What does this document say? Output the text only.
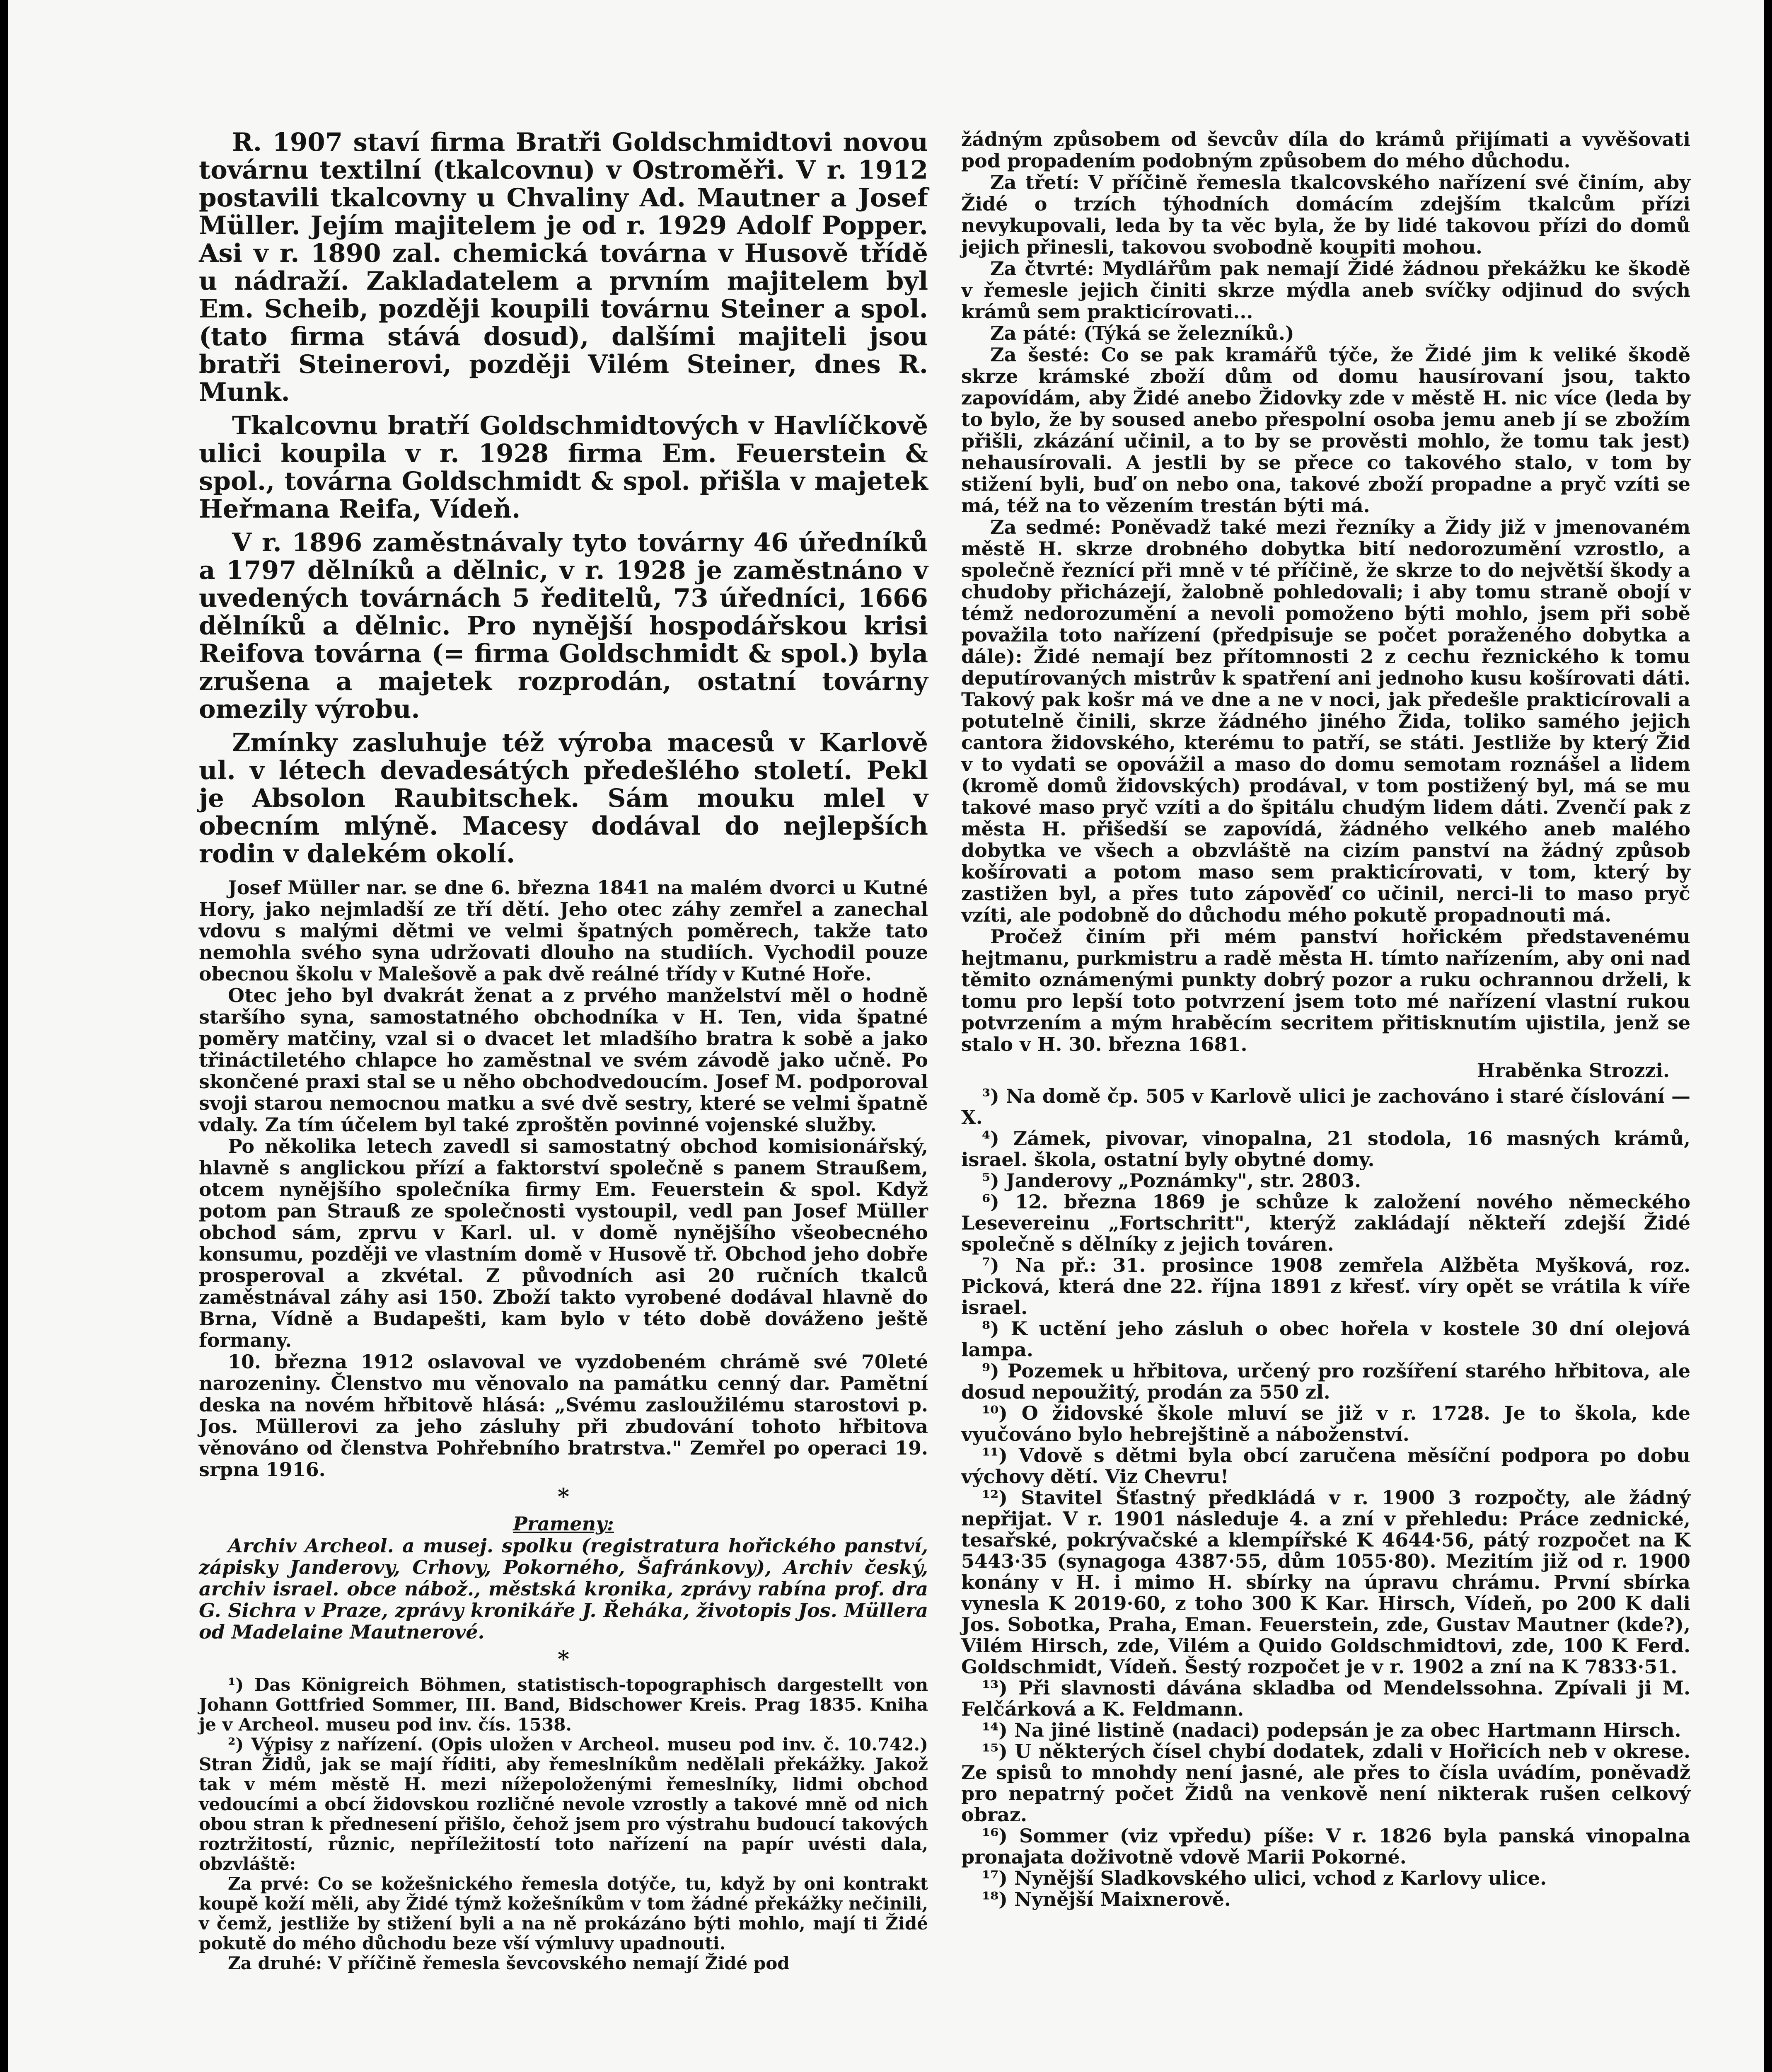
R. 1907 staví firma Bratři Goldschmidtovi novou továrnu textilní (tkalcovnu) v Ostroměři. V r. 1912 postavili tkalcovny u Chvaliny Ad. Mautner a Josef Müller. Jejím majitelem je od r. 1929 Adolf Popper. Asi v r. 1890 zal. chemická továrna v Husově třídě u nádraží. Zakladatelem a prvním majitelem byl Em. Scheib, později koupili továrnu Steiner a spol. (tato firma stává dosud), dalšími majiteli jsou bratři Steinerovi, později Vilém Steiner, dnes R. Munk.

Tkalcovnu bratří Goldschmidtových v Havlíčkově ulici koupila v r. 1928 firma Em. Feuerstein & spol., továrna Goldschmidt & spol. přišla v majetek Heřmana Reifa, Vídeň.

V r. 1896 zaměstnávaly tyto továrny 46 úředníků a 1797 dělníků a dělnic, v r. 1928 je zaměstnáno v uvedených továrnách 5 ředitelů, 73 úředníci, 1666 dělníků a dělnic. Pro nynější hospodářskou krisi Reifova továrna (= firma Goldschmidt & spol.) byla zrušena a majetek rozprodán, ostatní továrny omezily výrobu.

Zmínky zasluhuje též výroba macesů v Karlově ul. v létech devadesátých předešlého století. Pekl je Absolon Raubitschek. Sám mouku mlel v obecním mlýně. Macesy dodával do nejlepších rodin v dalekém okolí.

Josef Müller nar. se dne 6. března 1841 na malém dvorci u Kutné Hory, jako nejmladší ze tří dětí. Jeho otec záhy zemřel a zanechal vdovu s malými dětmi ve velmi špatných poměrech, takže tato nemohla svého syna udržovati dlouho na studiích. Vychodil pouze obecnou školu v Malešově a pak dvě reálné třídy v Kutné Hoře.

Otec jeho byl dvakrát ženat a z prvého manželství měl o hodně staršího syna, samostatného obchodníka v H. Ten, vida špatné poměry matčiny, vzal si o dvacet let mladšího bratra k sobě a jako třináctiletého chlapce ho zaměstnal ve svém závodě jako učně. Po skončené praxi stal se u něho obchodvedoucím. Josef M. podporoval svoji starou nemocnou matku a své dvě sestry, které se velmi špatně vdaly. Za tím účelem byl také zproštěn povinné vojenské služby.

Po několika letech zavedl si samostatný obchod komisionářský, hlavně s anglickou přízí a faktorství společně s panem Straußem, otcem nynějšího společníka firmy Em. Feuerstein & spol. Když potom pan Strauß ze společnosti vystoupil, vedl pan Josef Müller obchod sám, zprvu v Karl. ul. v domě nynějšího všeobecného konsumu, později ve vlastním domě v Husově tř. Obchod jeho dobře prosperoval a zkvétal. Z původních asi 20 ručních tkalců zaměstnával záhy asi 150. Zboží takto vyrobené dodával hlavně do Brna, Vídně a Budapešti, kam bylo v této době dováženo ještě formany.

10. března 1912 oslavoval ve vyzdobeném chrámě své 70leté narozeniny. Členstvo mu věnovalo na památku cenný dar. Pamětní deska na novém hřbitově hlásá: „Svému zasloužilému starostovi p. Jos. Müllerovi za jeho zásluhy při zbudování tohoto hřbitova věnováno od členstva Pohřebního bratrstva." Zemřel po operaci 19. srpna 1916.

*

Prameny:

Archiv Archeol. a musej. spolku (registratura hořického panství, zápisky Janderovy, Crhovy, Pokorného, Šafránkovy), Archiv český, archiv israel. obce nábož., městská kronika, zprávy rabína prof. dra G. Sichra v Praze, zprávy kronikáře J. Řeháka, životopis Jos. Müllera od Madelaine Mautnerové.

*

¹) Das Königreich Böhmen, statistisch-topographisch dargestellt von Johann Gottfried Sommer, III. Band, Bidschower Kreis. Prag 1835. Kniha je v Archeol. museu pod inv. čís. 1538.

²) Výpisy z nařízení. (Opis uložen v Archeol. museu pod inv. č. 10.742.) Stran Židů, jak se mají říditi, aby řemeslníkům nedělali překážky. Jakož tak v mém městě H. mezi nížepoloženými řemeslníky, lidmi obchod vedoucími a obcí židovskou rozličné nevole vzrostly a takové mně od nich obou stran k přednesení přišlo, čehož jsem pro výstrahu budoucí takových roztržitostí, různic, nepříležitostí toto nařízení na papír uvésti dala, obzvláště:

Za prvé: Co se kožešnického řemesla dotýče, tu, když by oni kontrakt koupě koží měli, aby Židé týmž kožešníkům v tom žádné překážky nečinili, v čemž, jestliže by stižení byli a na ně prokázáno býti mohlo, mají ti Židé pokutě do mého důchodu beze vší výmluvy upadnouti.

Za druhé: V příčině řemesla ševcovského nemají Židé pod

žádným způsobem od ševcův díla do krámů přijímati a vyvěšovati pod propadením podobným způsobem do mého důchodu.

Za třetí: V příčině řemesla tkalcovského nařízení své činím, aby Židé o trzích týhodních domácím zdejším tkalcům přízi nevykupovali, leda by ta věc byla, že by lidé takovou přízi do domů jejich přinesli, takovou svobodně koupiti mohou.

Za čtvrté: Mydlářům pak nemají Židé žádnou překážku ke škodě v řemesle jejich činiti skrze mýdla aneb svíčky odjinud do svých krámů sem prakticírovati...

Za páté: (Týká se železníků.)

Za šesté: Co se pak kramářů týče, že Židé jim k veliké škodě skrze krámské zboží dům od domu hausírovaní jsou, takto zapovídám, aby Židé anebo Židovky zde v městě H. nic více (leda by to bylo, že by soused anebo přespolní osoba jemu aneb jí se zbožím přišli, zkázání učinil, a to by se prověsti mohlo, že tomu tak jest) nehausírovali. A jestli by se přece co takového stalo, v tom by stižení byli, buď on nebo ona, takové zboží propadne a pryč vzíti se má, též na to vězením trestán býti má.

Za sedmé: Poněvadž také mezi řezníky a Židy již v jmenovaném městě H. skrze drobného dobytka bití nedorozumění vzrostlo, a společně řeznící při mně v té příčině, že skrze to do největší škody a chudoby přicházejí, žalobně pohledovali; i aby tomu straně obojí v témž nedorozumění a nevoli pomoženo býti mohlo, jsem při sobě považila toto nařízení (předpisuje se počet poraženého dobytka a dále): Židé nemají bez přítomnosti 2 z cechu řeznického k tomu deputírovaných mistrův k spatření ani jednoho kusu košírovati dáti. Takový pak košr má ve dne a ne v noci, jak předešle prakticírovali a potutelně činili, skrze žádného jiného Žida, toliko samého jejich cantora židovského, kterému to patří, se státi. Jestliže by který Žid v to vydati se opovážil a maso do domu semotam roznášel a lidem (kromě domů židovských) prodával, v tom postižený byl, má se mu takové maso pryč vzíti a do špitálu chudým lidem dáti. Zvenčí pak z města H. přišedší se zapovídá, žádného velkého aneb malého dobytka ve všech a obzvláště na cizím panství na žádný způsob košírovati a potom maso sem prakticírovati, v tom, který by zastižen byl, a přes tuto zápověď co učinil, nerci-li to maso pryč vzíti, ale podobně do důchodu mého pokutě propadnouti má.

Pročež činím při mém panství hořickém představenému hejtmanu, purkmistru a radě města H. tímto nařízením, aby oni nad těmito oznámenými punkty dobrý pozor a ruku ochrannou drželi, k tomu pro lepší toto potvrzení jsem toto mé nařízení vlastní rukou potvrzením a mým hraběcím secritem přitisknutím ujistila, jenž se stalo v H. 30. března 1681.

Hraběnka Strozzi.

³) Na domě čp. 505 v Karlově ulici je zachováno i staré číslování — X.

⁴) Zámek, pivovar, vinopalna, 21 stodola, 16 masných krámů, israel. škola, ostatní byly obytné domy.

⁵) Janderovy „Poznámky", str. 2803.

⁶) 12. března 1869 je schůze k založení nového německého Lesevereinu „Fortschritt", kterýž zakládají někteří zdejší Židé společně s dělníky z jejich továren.

⁷) Na př.: 31. prosince 1908 zemřela Alžběta Myšková, roz. Picková, která dne 22. října 1891 z křesť. víry opět se vrátila k víře israel.

⁸) K uctění jeho zásluh o obec hořela v kostele 30 dní olejová lampa.

⁹) Pozemek u hřbitova, určený pro rozšíření starého hřbitova, ale dosud nepoužitý, prodán za 550 zl.

¹⁰) O židovské škole mluví se již v r. 1728. Je to škola, kde vyučováno bylo hebrejštině a náboženství.

¹¹) Vdově s dětmi byla obcí zaručena měsíční podpora po dobu výchovy dětí. Viz Chevru!

¹²) Stavitel Šťastný předkládá v r. 1900 3 rozpočty, ale žádný nepřijat. V r. 1901 následuje 4. a zní v přehledu: Práce zednické, tesařské, pokrývačské a klempířské K 4644·56, pátý rozpočet na K 5443·35 (synagoga 4387·55, dům 1055·80). Mezitím již od r. 1900 konány v H. i mimo H. sbírky na úpravu chrámu. První sbírka vynesla K 2019·60, z toho 300 K Kar. Hirsch, Vídeň, po 200 K dali Jos. Sobotka, Praha, Eman. Feuerstein, zde, Gustav Mautner (kde?), Vilém Hirsch, zde, Vilém a Quido Goldschmidtovi, zde, 100 K Ferd. Goldschmidt, Vídeň. Šestý rozpočet je v r. 1902 a zní na K 7833·51.

¹³) Při slavnosti dávána skladba od Mendelssohna. Zpívali ji M. Felčárková a K. Feldmann.

¹⁴) Na jiné listině (nadaci) podepsán je za obec Hartmann Hirsch.

¹⁵) U některých čísel chybí dodatek, zdali v Hořicích neb v okrese. Ze spisů to mnohdy není jasné, ale přes to čísla uvádím, poněvadž pro nepatrný počet Židů na venkově není nikterak rušen celkový obraz.

¹⁶) Sommer (viz vpředu) píše: V r. 1826 byla panská vinopalna pronajata doživotně vdově Marii Pokorné.

¹⁷) Nynější Sladkovského ulici, vchod z Karlovy ulice.

¹⁸) Nynější Maixnerově.
